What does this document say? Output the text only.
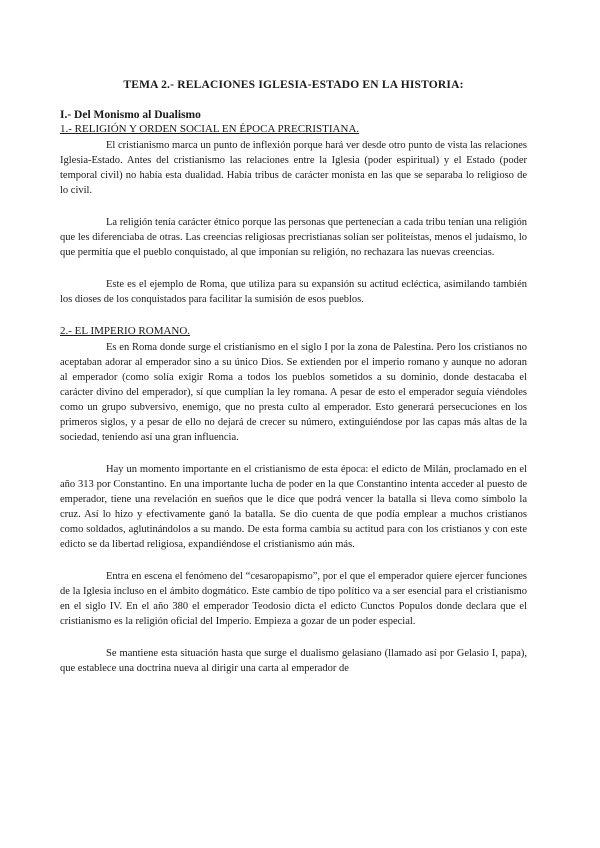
TEMA 2.- RELACIONES IGLESIA-ESTADO EN LA HISTORIA:
I.- Del Monismo al Dualismo
1.- RELIGIÓN Y ORDEN SOCIAL EN ÉPOCA PRECRISTIANA.

El cristianismo marca un punto de inflexión porque hará ver desde otro punto de vista las relaciones Iglesia-Estado. Antes del cristianismo las relaciones entre la Iglesia (poder espiritual) y el Estado (poder temporal civil) no había esta dualidad. Había tribus de carácter monista en las que se separaba lo religioso de lo civil.

La religión tenía carácter étnico porque las personas que pertenecían a cada tribu tenían una religión que les diferenciaba de otras. Las creencias religiosas precristianas solían ser politeístas, menos el judaísmo, lo que permitía que el pueblo conquistado, al que imponían su religión, no rechazara las nuevas creencias.

Este es el ejemplo de Roma, que utiliza para su expansión su actitud ecléctica, asimilando también los dioses de los conquistados para facilitar la sumisión de esos pueblos.

2.- EL IMPERIO ROMANO.

Es en Roma donde surge el cristianismo en el siglo I por la zona de Palestina. Pero los cristianos no aceptaban adorar al emperador sino a su único Dios. Se extienden por el imperio romano y aunque no adoran al emperador (como solía exigir Roma a todos los pueblos sometidos a su dominio, donde destacaba el carácter divino del emperador), sí que cumplían la ley romana. A pesar de esto el emperador seguía viéndoles como un grupo subversivo, enemigo, que no presta culto al emperador. Esto generará persecuciones en los primeros siglos, y a pesar de ello no dejará de crecer su número, extinguiéndose por las capas más altas de la sociedad, teniendo así una gran influencia.

Hay un momento importante en el cristianismo de esta época: el edicto de Milán, proclamado en el año 313 por Constantino. En una importante lucha de poder en la que Constantino intenta acceder al puesto de emperador, tiene una revelación en sueños que le dice que podrá vencer la batalla si lleva como símbolo la cruz. Así lo hizo y efectivamente ganó la batalla. Se dio cuenta de que podía emplear a muchos cristianos como soldados, aglutinándolos a su mando. De esta forma cambia su actitud para con los cristianos y con este edicto se da libertad religiosa, expandiéndose el cristianismo aún más.

Entra en escena el fenómeno del “cesaropapismo”, por el que el emperador quiere ejercer funciones de la Iglesia incluso en el ámbito dogmático. Este cambio de tipo político va a ser esencial para el cristianismo en el siglo IV. En el año 380 el emperador Teodosio dicta el edicto Cunctos Populos donde declara que el cristianismo es la religión oficial del Imperio. Empieza a gozar de un poder especial.

Se mantiene esta situación hasta que surge el dualismo gelasiano (llamado así por Gelasio I, papa), que establece una doctrina nueva al dirigir una carta al emperador de
